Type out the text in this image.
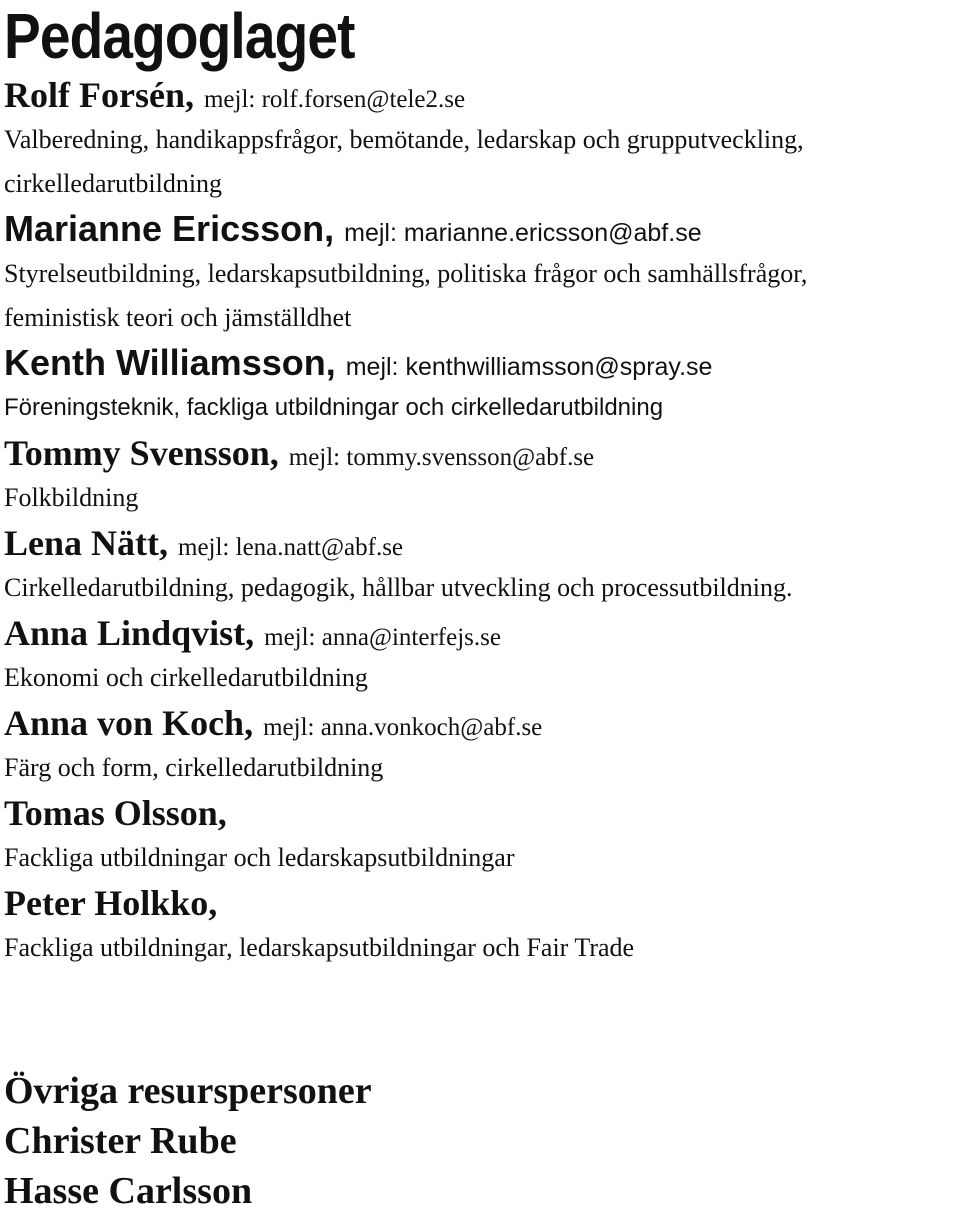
Pedagoglaget
Rolf Forsén, mejl: rolf.forsen@tele2.se

Valberedning, handikappsfrågor, bemötande, ledarskap och grupputveckling, cirkelledarutbildning

Marianne Ericsson, mejl: marianne.ericsson@abf.se

Styrelseutbildning, ledarskapsutbildning, politiska frågor och samhällsfrågor, feministisk teori och jämställdhet

Kenth Williamsson, mejl: kenthwilliamsson@spray.se

Föreningsteknik, fackliga utbildningar och cirkelledarutbildning

Tommy Svensson, mejl: tommy.svensson@abf.se

Folkbildning

Lena Nätt, mejl: lena.natt@abf.se

Cirkelledarutbildning, pedagogik, hållbar utveckling och processutbildning.

Anna Lindqvist, mejl: anna@interfejs.se

Ekonomi och cirkelledarutbildning

Anna von Koch, mejl: anna.vonkoch@abf.se

Färg och form, cirkelledarutbildning

Tomas Olsson,

Fackliga utbildningar och ledarskapsutbildningar

Peter Holkko,

Fackliga utbildningar, ledarskapsutbildningar och Fair Trade

Övriga resurspersoner

Christer Rube

Hasse Carlsson
